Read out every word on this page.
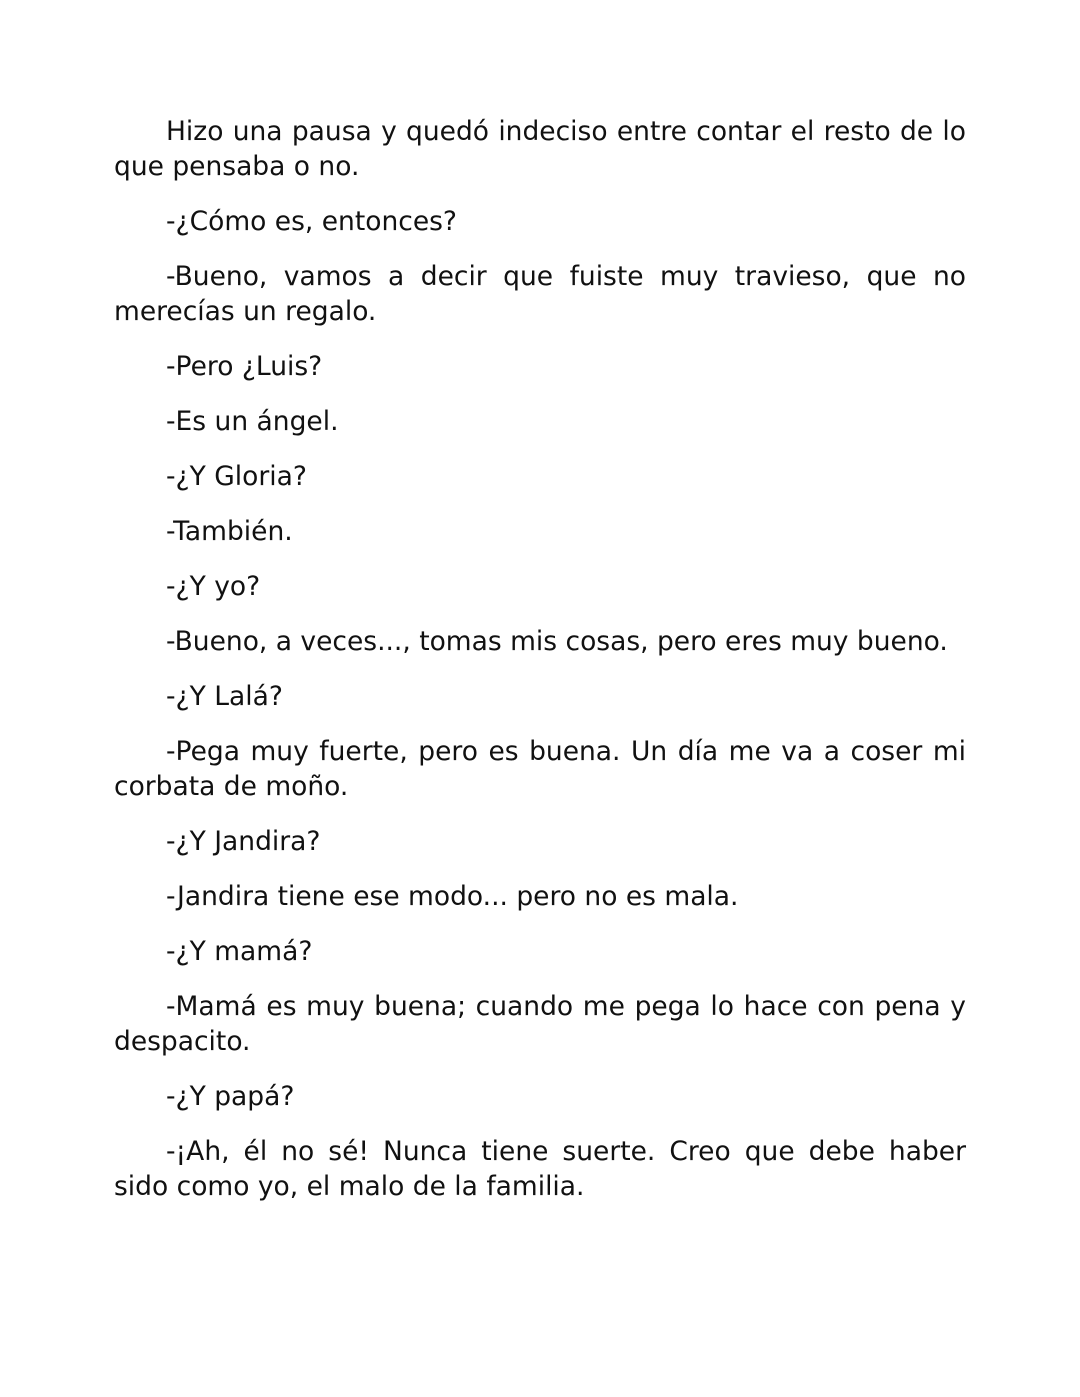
Hizo una pausa y quedó indeciso entre contar el resto de lo que pensaba o no.

-¿Cómo es, entonces?

-Bueno, vamos a decir que fuiste muy travieso, que no merecías un regalo.

-Pero ¿Luis?

-Es un ángel.

-¿Y Gloria?

-También.

-¿Y yo?

-Bueno, a veces..., tomas mis cosas, pero eres muy bueno.

-¿Y Lalá?

-Pega muy fuerte, pero es buena. Un día me va a coser mi corbata de moño.

-¿Y Jandira?

-Jandira tiene ese modo... pero no es mala.

-¿Y mamá?

-Mamá es muy buena; cuando me pega lo hace con pena y despacito.

-¿Y papá?

-¡Ah, él no sé! Nunca tiene suerte. Creo que debe haber sido como yo, el malo de la familia.
